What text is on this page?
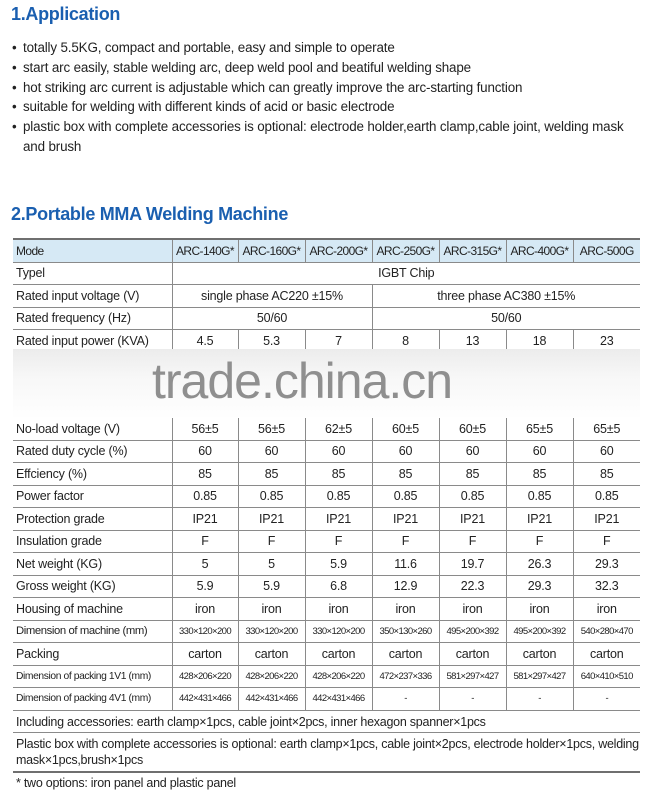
1.Application
• totally 5.5KG, compact and portable, easy and simple to operate
• start arc easily, stable welding arc, deep weld pool and beatiful welding shape
• hot striking arc current is adjustable which can greatly improve the arc-starting function
• suitable for welding with different kinds of acid or basic electrode
• plastic box with complete accessories is optional: electrode holder,earth clamp,cable joint, welding mask and brush
2.Portable MMA Welding Machine
Mode	ARC-140G*	ARC-160G*	ARC-200G*	ARC-250G*	ARC-315G*	ARC-400G*	ARC-500G
Typel	IGBT Chip						
Rated input voltage (V)	single phase AC220 ±15%			three phase AC380 ±15%			
Rated frequency (Hz)	50/60			50/60			
Rated input power (KVA)	4.5	5.3	7	8	13	18	23
trade.china.cn
No-load voltage (V)	56±5	56±5	62±5	60±5	60±5	65±5	65±5
Rated duty cycle (%)	60	60	60	60	60	60	60
Effciency (%)	85	85	85	85	85	85	85
Power factor	0.85	0.85	0.85	0.85	0.85	0.85	0.85
Protection grade	IP21	IP21	IP21	IP21	IP21	IP21	IP21
Insulation grade	F	F	F	F	F	F	F
Net weight (KG)	5	5	5.9	11.6	19.7	26.3	29.3
Gross weight (KG)	5.9	5.9	6.8	12.9	22.3	29.3	32.3
Housing of machine	iron	iron	iron	iron	iron	iron	iron
Dimension of machine (mm)	330×120×200	330×120×200	330×120×200	350×130×260	495×200×392	495×200×392	540×280×470
Packing	carton	carton	carton	carton	carton	carton	carton
Dimension of packing 1V1 (mm)	428×206×220	428×206×220	428×206×220	472×237×336	581×297×427	581×297×427	640×410×510
Dimension of packing 4V1 (mm)	442×431×466	442×431×466	442×431×466	-	-	-	-
Including accessories: earth clamp×1pcs, cable joint×2pcs, inner hexagon spanner×1pcs
Plastic box with complete accessories is optional: earth clamp×1pcs, cable joint×2pcs, electrode holder×1pcs, welding mask×1pcs,brush×1pcs
* two options: iron panel and plastic panel
